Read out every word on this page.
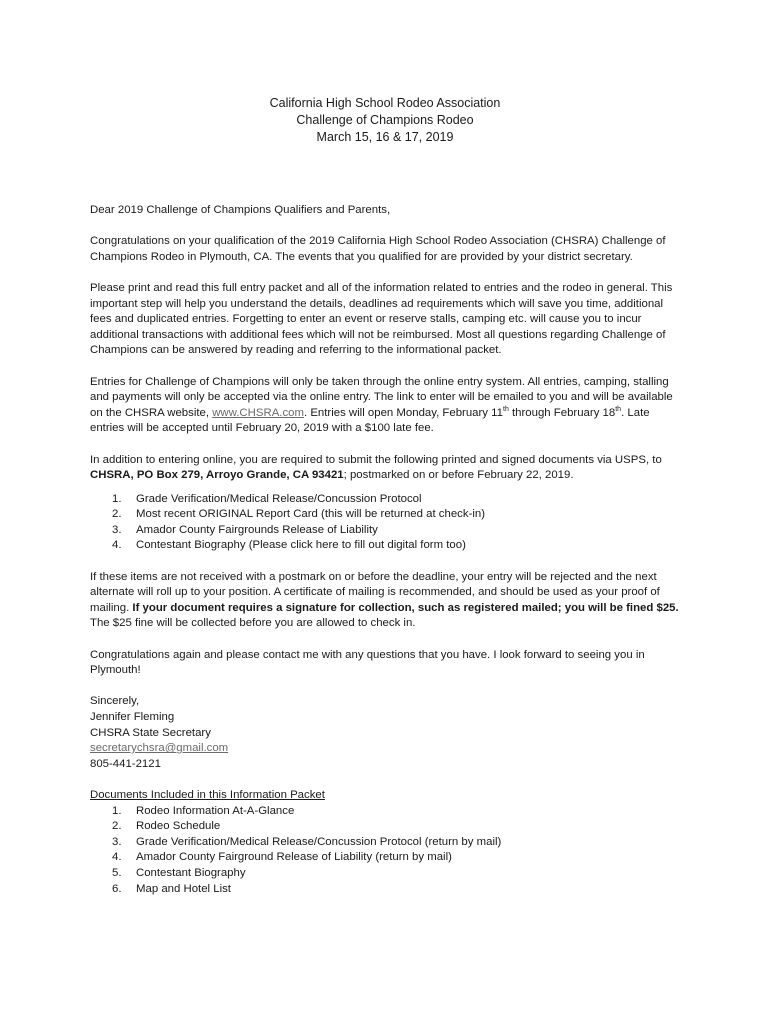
California High School Rodeo Association
Challenge of Champions Rodeo
March 15, 16 & 17, 2019

Dear 2019 Challenge of Champions Qualifiers and Parents,

Congratulations on your qualification of the 2019 California High School Rodeo Association (CHSRA) Challenge of Champions Rodeo in Plymouth, CA. The events that you qualified for are provided by your district secretary.

Please print and read this full entry packet and all of the information related to entries and the rodeo in general. This important step will help you understand the details, deadlines ad requirements which will save you time, additional fees and duplicated entries. Forgetting to enter an event or reserve stalls, camping etc. will cause you to incur additional transactions with additional fees which will not be reimbursed. Most all questions regarding Challenge of Champions can be answered by reading and referring to the informational packet.

Entries for Challenge of Champions will only be taken through the online entry system. All entries, camping, stalling and payments will only be accepted via the online entry. The link to enter will be emailed to you and will be available on the CHSRA website, www.CHSRA.com. Entries will open Monday, February 11th through February 18th. Late entries will be accepted until February 20, 2019 with a $100 late fee.

In addition to entering online, you are required to submit the following printed and signed documents via USPS, to CHSRA, PO Box 279, Arroyo Grande, CA 93421; postmarked on or before February 22, 2019.

1. Grade Verification/Medical Release/Concussion Protocol
2. Most recent ORIGINAL Report Card (this will be returned at check-in)
3. Amador County Fairgrounds Release of Liability
4. Contestant Biography (Please click here to fill out digital form too)

If these items are not received with a postmark on or before the deadline, your entry will be rejected and the next alternate will roll up to your position. A certificate of mailing is recommended, and should be used as your proof of mailing. If your document requires a signature for collection, such as registered mailed; you will be fined $25. The $25 fine will be collected before you are allowed to check in.

Congratulations again and please contact me with any questions that you have. I look forward to seeing you in Plymouth!

Sincerely,
Jennifer Fleming
CHSRA State Secretary
secretarychsra@gmail.com
805-441-2121
Documents Included in this Information Packet
1. Rodeo Information At-A-Glance
2. Rodeo Schedule
3. Grade Verification/Medical Release/Concussion Protocol (return by mail)
4. Amador County Fairground Release of Liability (return by mail)
5. Contestant Biography
6. Map and Hotel List
